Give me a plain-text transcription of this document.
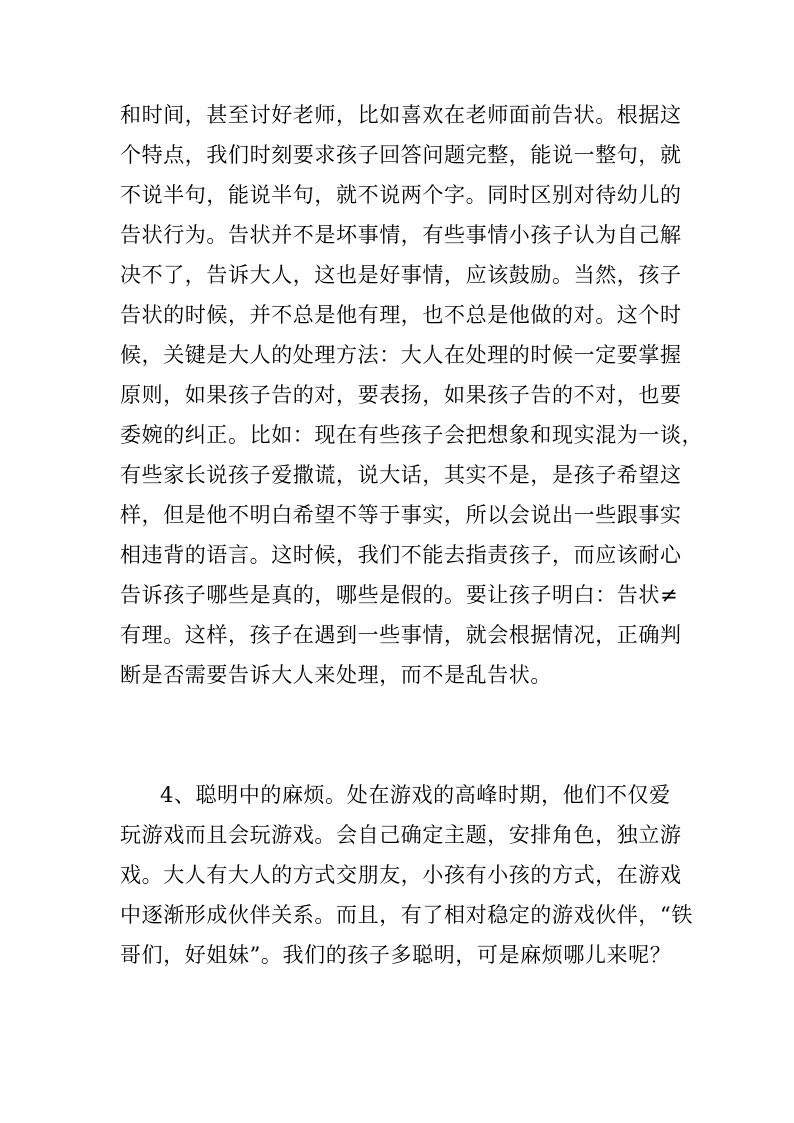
和时间，甚至讨好老师，比如喜欢在老师面前告状。根据这
个特点，我们时刻要求孩子回答问题完整，能说一整句，就
不说半句，能说半句，就不说两个字。同时区别对待幼儿的
告状行为。告状并不是坏事情，有些事情小孩子认为自己解
决不了，告诉大人，这也是好事情，应该鼓励。当然，孩子
告状的时候，并不总是他有理，也不总是他做的对。这个时
候，关键是大人的处理方法：大人在处理的时候一定要掌握
原则，如果孩子告的对，要表扬，如果孩子告的不对，也要
委婉的纠正。比如：现在有些孩子会把想象和现实混为一谈，
有些家长说孩子爱撒谎，说大话，其实不是，是孩子希望这
样，但是他不明白希望不等于事实，所以会说出一些跟事实
相违背的语言。这时候，我们不能去指责孩子，而应该耐心
告诉孩子哪些是真的，哪些是假的。要让孩子明白：告状≠
有理。这样，孩子在遇到一些事情，就会根据情况，正确判
断是否需要告诉大人来处理，而不是乱告状。
4、聪明中的麻烦。处在游戏的高峰时期，他们不仅爱
玩游戏而且会玩游戏。会自己确定主题，安排角色，独立游
戏。大人有大人的方式交朋友，小孩有小孩的方式，在游戏
中逐渐形成伙伴关系。而且，有了相对稳定的游戏伙伴，“铁
哥们，好姐妹”。我们的孩子多聪明，可是麻烦哪儿来呢？
